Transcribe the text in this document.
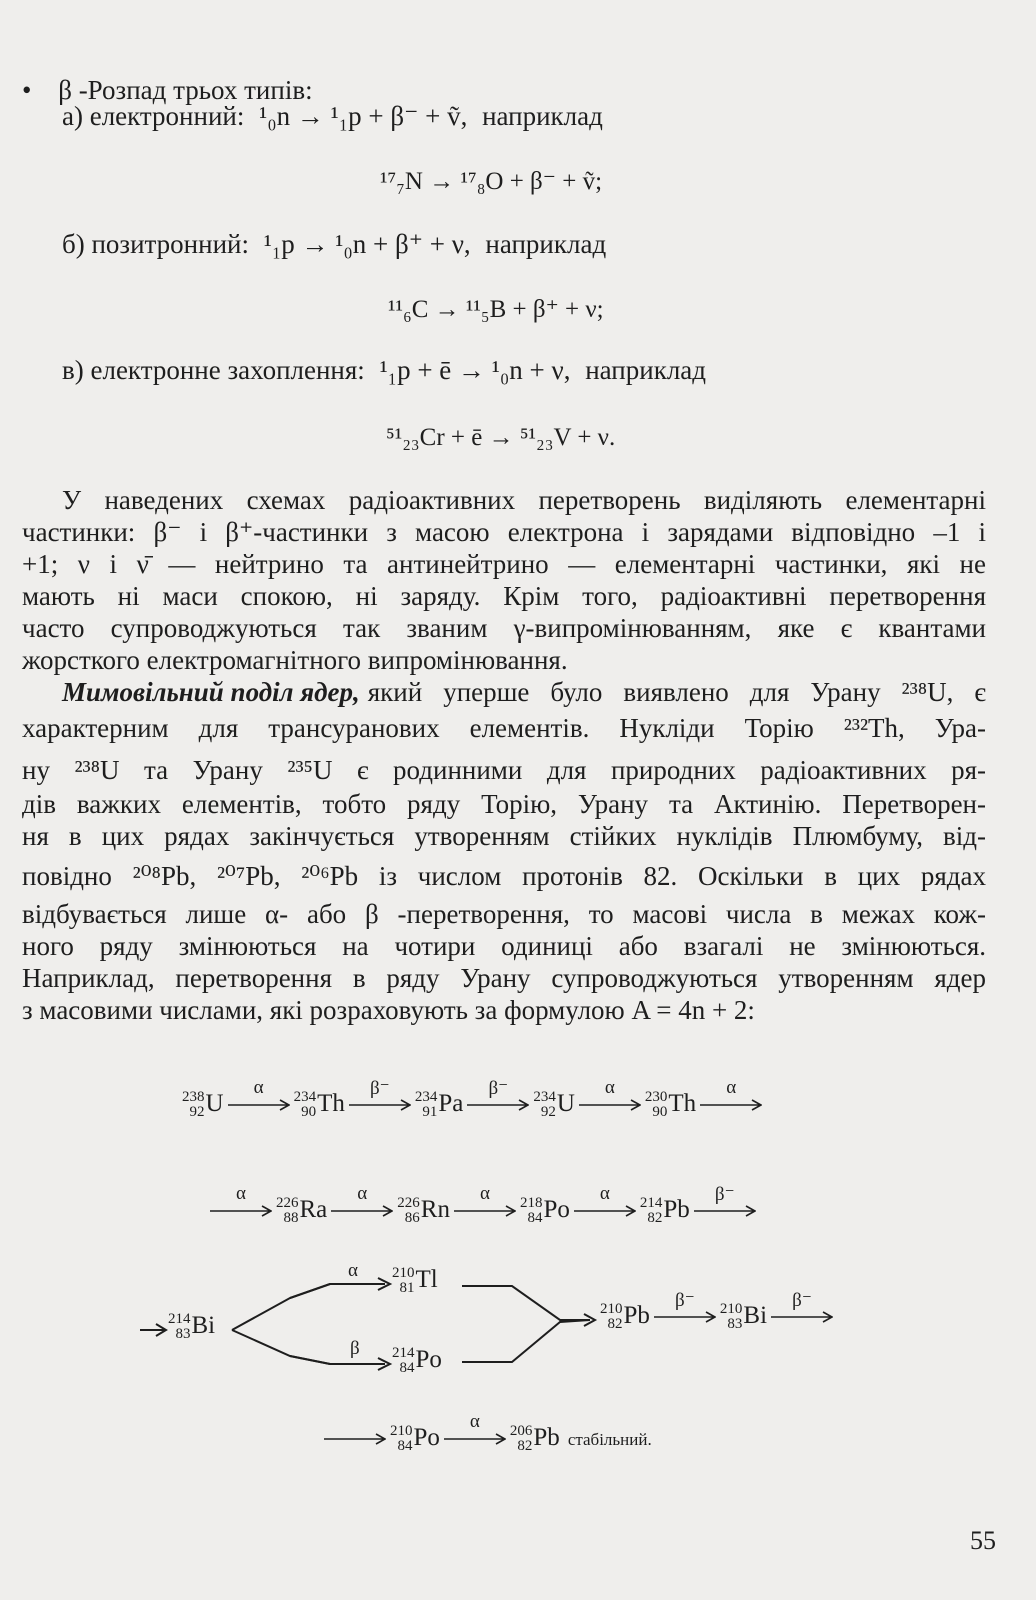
• β -Розпад трьох типів:
а) електронний: ¹₀n → ¹₁p + β⁻ + ṽ, наприклад
¹⁷₇N → ¹⁷₈O + β⁻ + ṽ;
б) позитронний: ¹₁p → ¹₀n + β⁺ + ν, наприклад
¹¹₆C → ¹¹₅B + β⁺ + ν;
в) електронне захоплення: ¹₁p + ē → ¹₀n + ν, наприклад
⁵¹₂₃Cr + ē → ⁵¹₂₃V + ν.
У наведених схемах радіоактивних перетворень виділяють елементарні
частинки: β⁻ і β⁺-частинки з масою електрона і зарядами відповідно –1 і
+1; ν і ν̄ — нейтрино та антинейтрино — елементарні частинки, які не
мають ні маси спокою, ні заряду. Крім того, радіоактивні перетворення
часто супроводжуються так званим γ-випромінюванням, яке є квантами
жорсткого електромагнітного випромінювання.
Мимовільний поділ ядер, який уперше було виявлено для Урану ²³⁸U, є
характерним для трансуранових елементів. Нукліди Торію ²³²Th, Ура-
ну ²³⁸U та Урану ²³⁵U є родинними для природних радіоактивних ря-
дів важких елементів, тобто ряду Торію, Урану та Актинію. Перетворен-
ня в цих рядах закінчується утворенням стійких нуклідів Плюмбуму, від-
повідно ²⁰⁸Pb, ²⁰⁷Pb, ²⁰⁶Pb із числом протонів 82. Оскільки в цих рядах
відбувається лише α- або β -перетворення, то масові числа в межах кож-
ного ряду змінюються на чотири одиниці або взагалі не змінюються.
Наприклад, перетворення в ряду Урану супроводжуються утворенням ядер
з масовими числами, які розраховують за формулою A = 4n + 2:
238
92 U
α	234
90 Th
β⁻	234
91 Pa
β⁻	234
92 U
α	230
90 Th
α
α	226
88 Ra
α	226
86 Rn
α	218
84 Po
α	214
82 Pb
β⁻
α
β
214
83 Bi
210
81 Tl
214
84 Po
210
82 Pb
β⁻	210
83 Bi
β⁻
210
84 Po
α	206
82 Pb стабільний.
55
